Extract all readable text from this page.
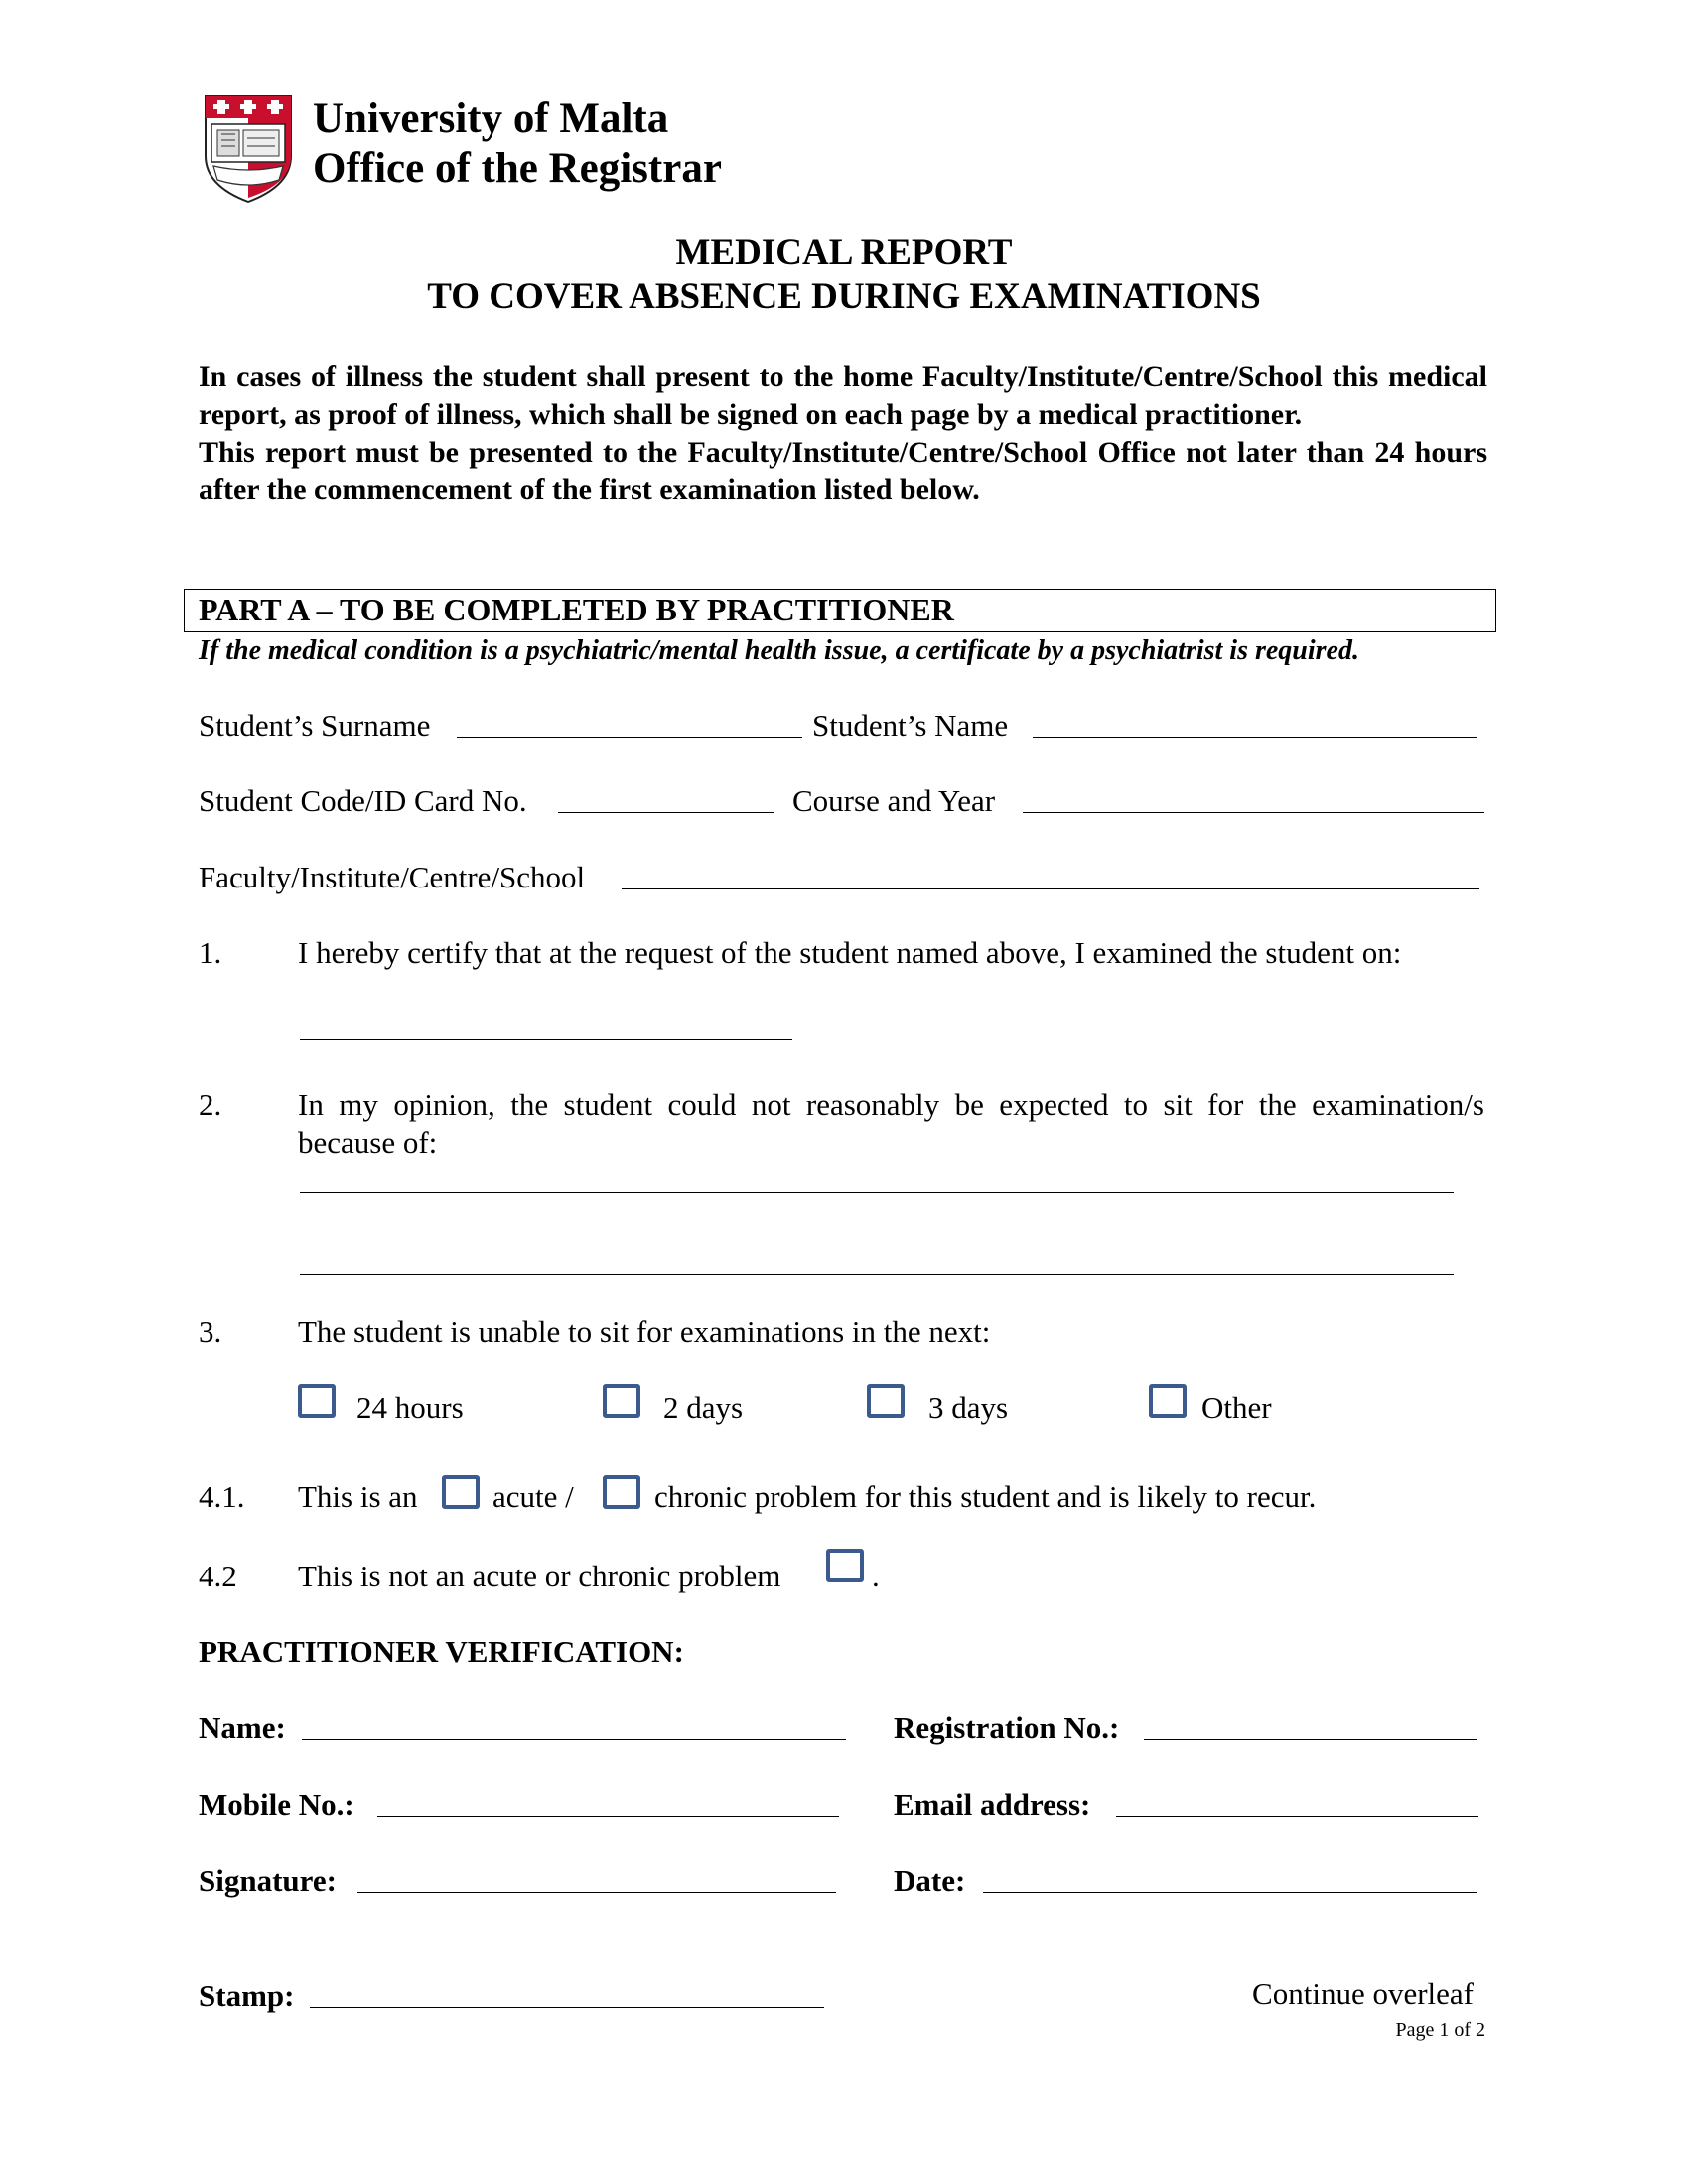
University of Malta
Office of the Registrar
MEDICAL REPORT
TO COVER ABSENCE DURING EXAMINATIONS

In cases of illness the student shall present to the home Faculty/Institute/Centre/School this medical report, as proof of illness, which shall be signed on each page by a medical practitioner.

This report must be presented to the Faculty/Institute/Centre/School Office not later than 24 hours after the commencement of the first examination listed below.

PART A – TO BE COMPLETED BY PRACTITIONER
If the medical condition is a psychiatric/mental health issue, a certificate by a psychiatrist is required.
Student’s Surname	Student’s Name
Student Code/ID Card No.	Course and Year
Faculty/Institute/Centre/School
1. I hereby certify that at the request of the student named above, I examined the student on:
2. In my opinion, the student could not reasonably be expected to sit for the examination/s
because of:
3. The student is unable to sit for examinations in the next:
24 hours	2 days	3 days	Other
4.1. This is an acute /	chronic problem for this student and is likely to recur.
4.2 This is not an acute or chronic problem	.
PRACTITIONER VERIFICATION:
Name:	Registration No.:
Mobile No.:	Email address:
Signature:	Date:
Stamp:	Continue overleaf
Page 1 of 2
